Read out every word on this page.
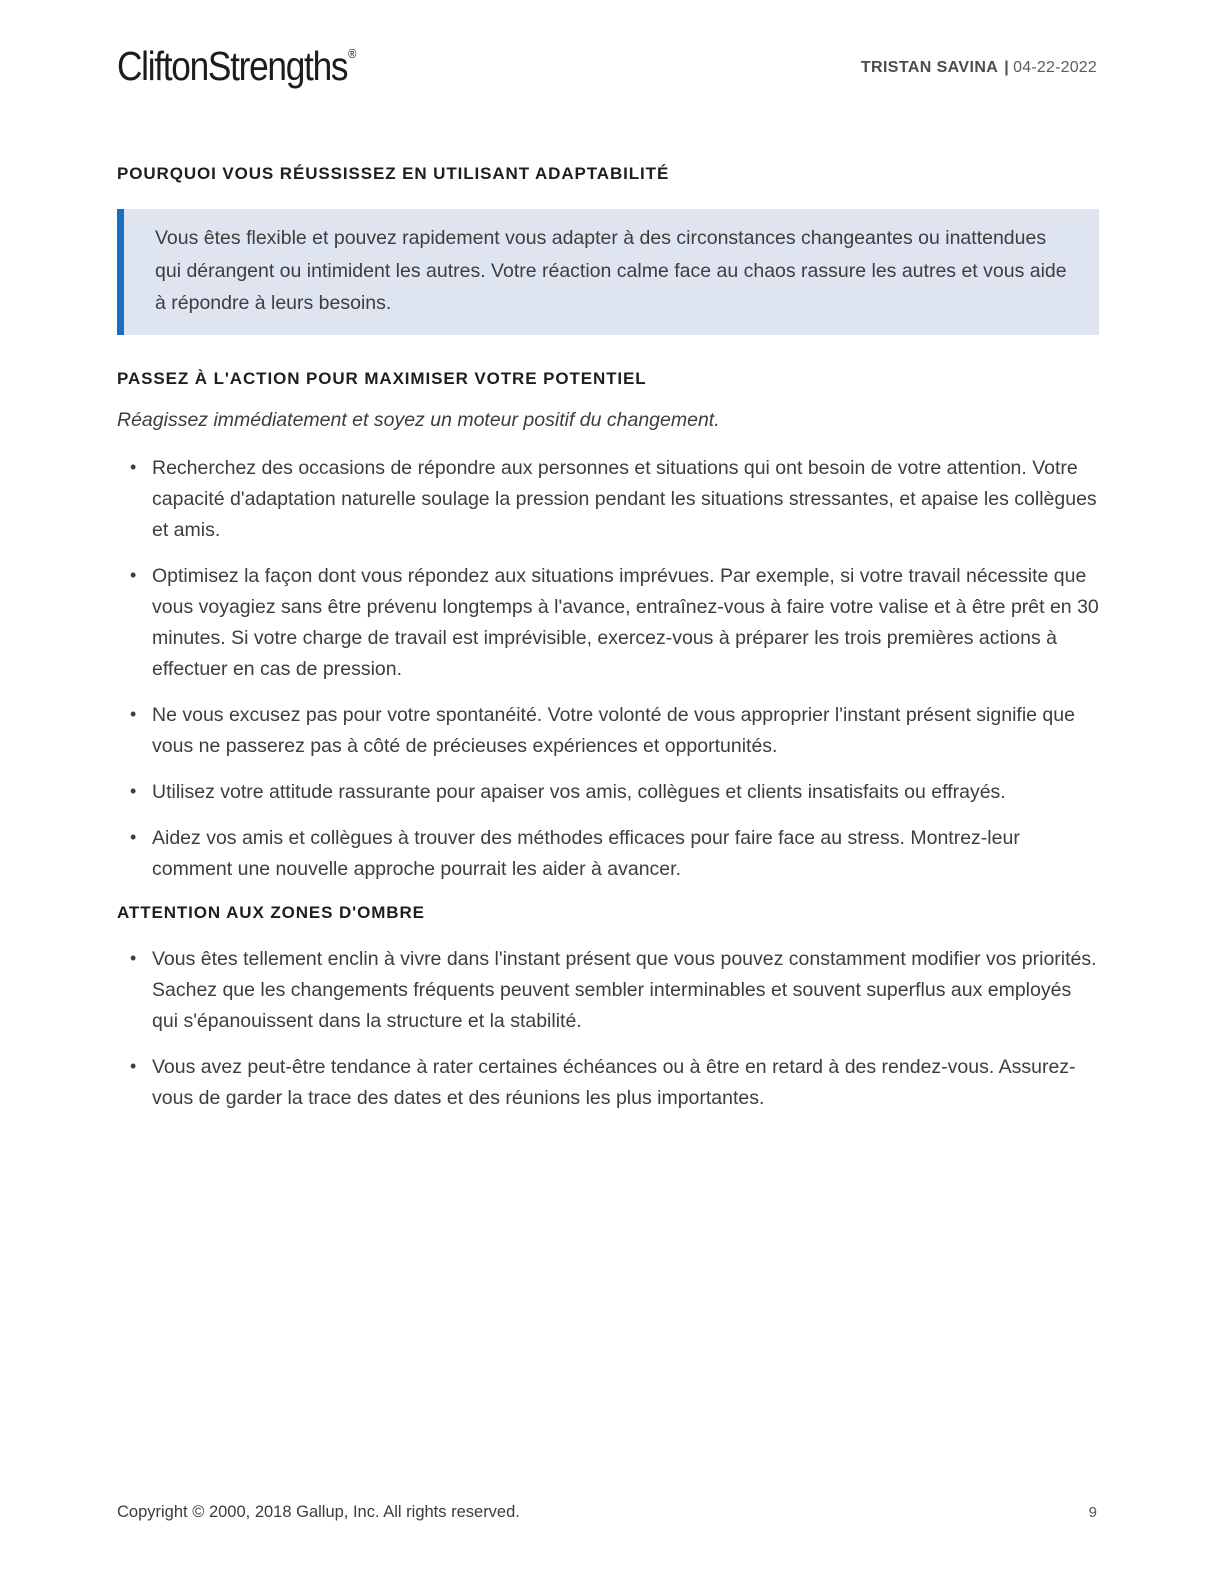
CliftonStrengths®
TRISTAN SAVINA | 04-22-2022
POURQUOI VOUS RÉUSSISSEZ EN UTILISANT ADAPTABILITÉ
Vous êtes flexible et pouvez rapidement vous adapter à des circonstances changeantes ou inattendues qui dérangent ou intimident les autres. Votre réaction calme face au chaos rassure les autres et vous aide à répondre à leurs besoins.
PASSEZ À L'ACTION POUR MAXIMISER VOTRE POTENTIEL

Réagissez immédiatement et soyez un moteur positif du changement.

• Recherchez des occasions de répondre aux personnes et situations qui ont besoin de votre attention. Votre capacité d'adaptation naturelle soulage la pression pendant les situations stressantes, et apaise les collègues et amis.
• Optimisez la façon dont vous répondez aux situations imprévues. Par exemple, si votre travail nécessite que vous voyagiez sans être prévenu longtemps à l'avance, entraînez-vous à faire votre valise et à être prêt en 30 minutes. Si votre charge de travail est imprévisible, exercez-vous à préparer les trois premières actions à effectuer en cas de pression.
• Ne vous excusez pas pour votre spontanéité. Votre volonté de vous approprier l'instant présent signifie que vous ne passerez pas à côté de précieuses expériences et opportunités.
• Utilisez votre attitude rassurante pour apaiser vos amis, collègues et clients insatisfaits ou effrayés.
• Aidez vos amis et collègues à trouver des méthodes efficaces pour faire face au stress. Montrez-leur comment une nouvelle approche pourrait les aider à avancer.
ATTENTION AUX ZONES D'OMBRE
• Vous êtes tellement enclin à vivre dans l'instant présent que vous pouvez constamment modifier vos priorités. Sachez que les changements fréquents peuvent sembler interminables et souvent superflus aux employés qui s'épanouissent dans la structure et la stabilité.
• Vous avez peut-être tendance à rater certaines échéances ou à être en retard à des rendez-vous. Assurez-vous de garder la trace des dates et des réunions les plus importantes.
Copyright © 2000, 2018 Gallup, Inc. All rights reserved.	9
